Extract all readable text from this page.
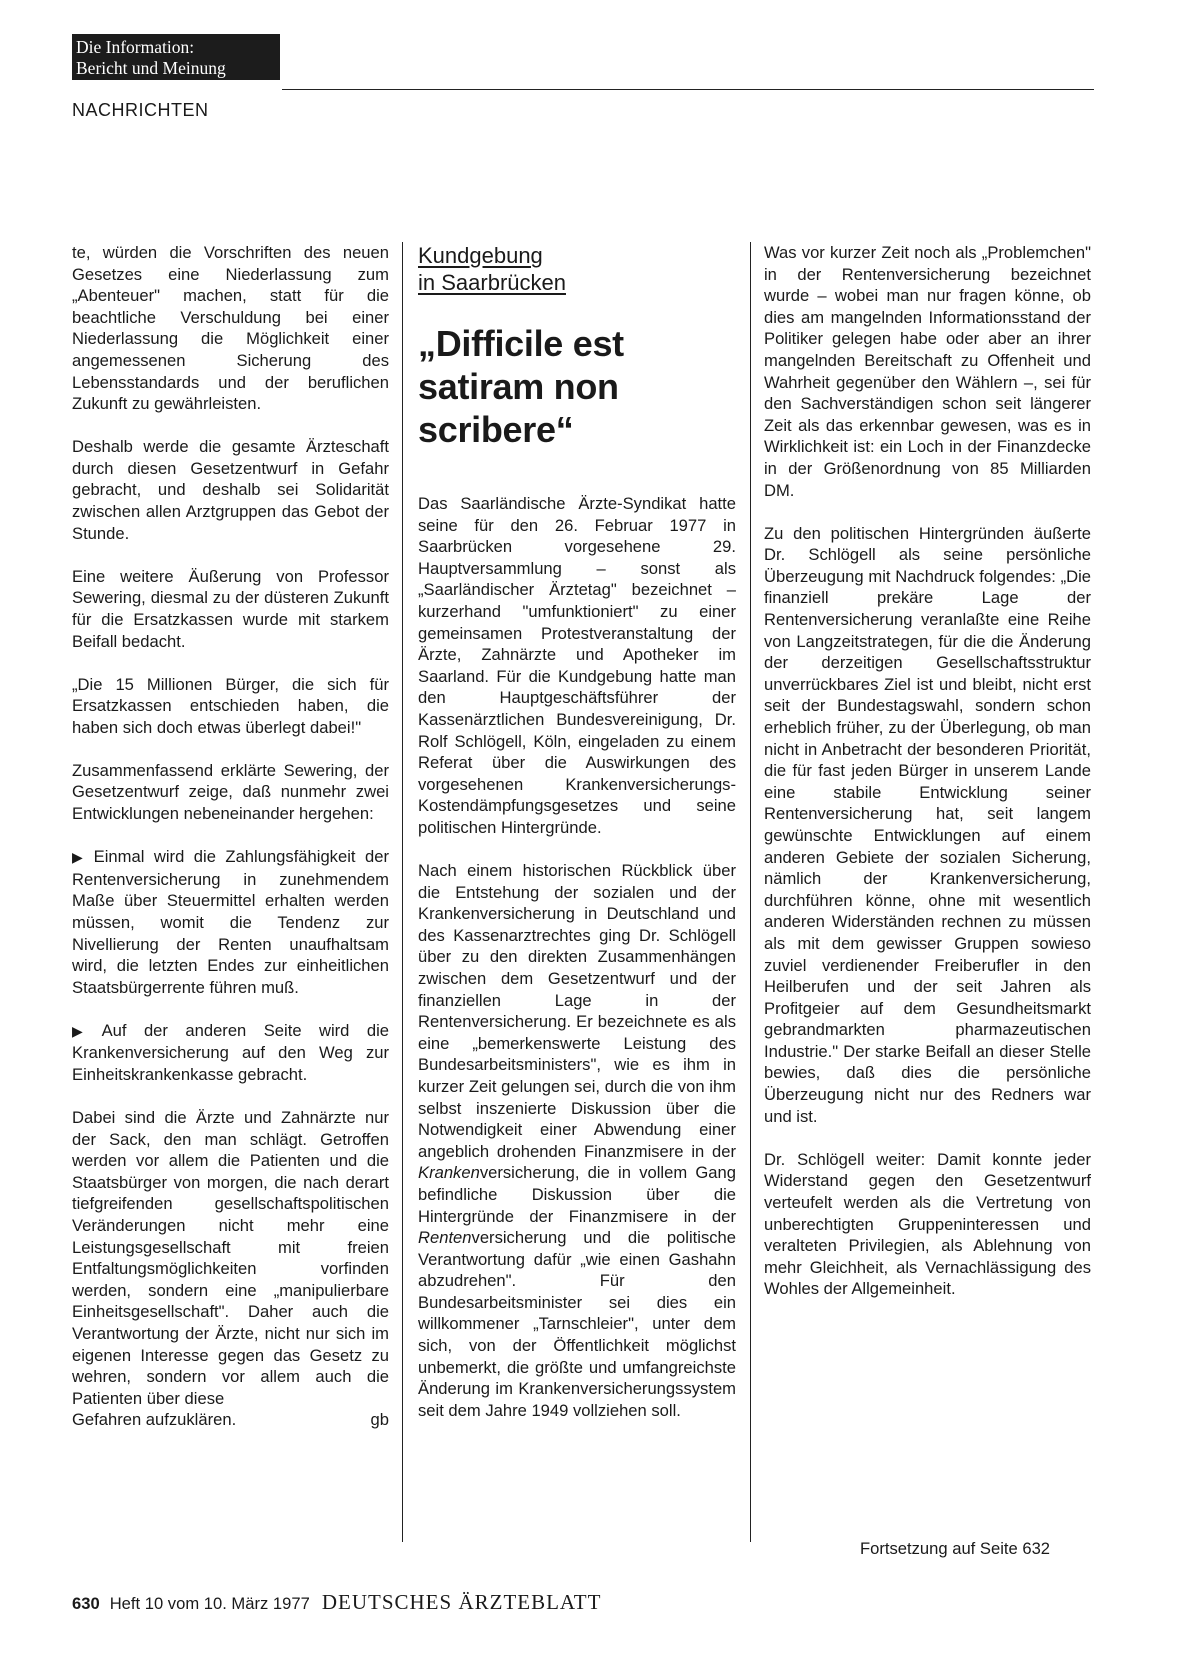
Die Information:
Bericht und Meinung
NACHRICHTEN

te, würden die Vorschriften des neuen Gesetzes eine Niederlassung zum „Abenteuer" machen, statt für die beachtliche Verschuldung bei einer Niederlassung die Möglichkeit einer angemessenen Sicherung des Lebensstandards und der beruflichen Zukunft zu gewährleisten.

Deshalb werde die gesamte Ärzteschaft durch diesen Gesetzentwurf in Gefahr gebracht, und deshalb sei Solidarität zwischen allen Arztgruppen das Gebot der Stunde.

Eine weitere Äußerung von Professor Sewering, diesmal zu der düsteren Zukunft für die Ersatzkassen wurde mit starkem Beifall bedacht.

„Die 15 Millionen Bürger, die sich für Ersatzkassen entschieden haben, die haben sich doch etwas überlegt dabei!"

Zusammenfassend erklärte Sewering, der Gesetzentwurf zeige, daß nunmehr zwei Entwicklungen nebeneinander hergehen:

▶ Einmal wird die Zahlungsfähigkeit der Rentenversicherung in zunehmendem Maße über Steuermittel erhalten werden müssen, womit die Tendenz zur Nivellierung der Renten unaufhaltsam wird, die letzten Endes zur einheitlichen Staatsbürgerrente führen muß.

▶ Auf der anderen Seite wird die Krankenversicherung auf den Weg zur Einheitskrankenkasse gebracht.

Dabei sind die Ärzte und Zahnärzte nur der Sack, den man schlägt. Getroffen werden vor allem die Patienten und die Staatsbürger von morgen, die nach derart tiefgreifenden gesellschaftspolitischen Veränderungen nicht mehr eine Leistungsgesellschaft mit freien Entfaltungsmöglichkeiten vorfinden werden, sondern eine „manipulierbare Einheitsgesellschaft". Daher auch die Verantwortung der Ärzte, nicht nur sich im eigenen Interesse gegen das Gesetz zu wehren, sondern vor allem auch die Patienten über diese

Gefahren aufzuklären.	gb
Kundgebung
in Saarbrücken
„Difficile est
satiram non
scribere“

Das Saarländische Ärzte-Syndikat hatte seine für den 26. Februar 1977 in Saarbrücken vorgesehene 29. Hauptversammlung – sonst als „Saarländischer Ärztetag" bezeichnet – kurzerhand "umfunktioniert" zu einer gemeinsamen Protestveranstaltung der Ärzte, Zahnärzte und Apotheker im Saarland. Für die Kundgebung hatte man den Hauptgeschäftsführer der Kassenärztlichen Bundesvereinigung, Dr. Rolf Schlögell, Köln, eingeladen zu einem Referat über die Auswirkungen des vorgesehenen Krankenversicherungs-Kostendämpfungsgesetzes und seine politischen Hintergründe.

Nach einem historischen Rückblick über die Entstehung der sozialen und der Krankenversicherung in Deutschland und des Kassenarztrechtes ging Dr. Schlögell über zu den direkten Zusammenhängen zwischen dem Gesetzentwurf und der finanziellen Lage in der Rentenversicherung. Er bezeichnete es als eine „bemerkenswerte Leistung des Bundesarbeitsministers", wie es ihm in kurzer Zeit gelungen sei, durch die von ihm selbst inszenierte Diskussion über die Notwendigkeit einer Abwendung einer angeblich drohenden Finanzmisere in der Krankenversicherung, die in vollem Gang befindliche Diskussion über die Hintergründe der Finanzmisere in der Rentenversicherung und die politische Verantwortung dafür „wie einen Gashahn abzudrehen". Für den Bundesarbeitsminister sei dies ein willkommener „Tarnschleier", unter dem sich, von der Öffentlichkeit möglichst unbemerkt, die größte und umfangreichste Änderung im Krankenversicherungssystem seit dem Jahre 1949 vollziehen soll.

Was vor kurzer Zeit noch als „Problemchen" in der Rentenversicherung bezeichnet wurde – wobei man nur fragen könne, ob dies am mangelnden Informationsstand der Politiker gelegen habe oder aber an ihrer mangelnden Bereitschaft zu Offenheit und Wahrheit gegenüber den Wählern –, sei für den Sachverständigen schon seit längerer Zeit als das erkennbar gewesen, was es in Wirklichkeit ist: ein Loch in der Finanzdecke in der Größenordnung von 85 Milliarden DM.

Zu den politischen Hintergründen äußerte Dr. Schlögell als seine persönliche Überzeugung mit Nachdruck folgendes: „Die finanziell prekäre Lage der Rentenversicherung veranlaßte eine Reihe von Langzeitstrategen, für die die Änderung der derzeitigen Gesellschaftsstruktur unverrückbares Ziel ist und bleibt, nicht erst seit der Bundestagswahl, sondern schon erheblich früher, zu der Überlegung, ob man nicht in Anbetracht der besonderen Priorität, die für fast jeden Bürger in unserem Lande eine stabile Entwicklung seiner Rentenversicherung hat, seit langem gewünschte Entwicklungen auf einem anderen Gebiete der sozialen Sicherung, nämlich der Krankenversicherung, durchführen könne, ohne mit wesentlich anderen Widerständen rechnen zu müssen als mit dem gewisser Gruppen sowieso zuviel verdienender Freiberufler in den Heilberufen und der seit Jahren als Profitgeier auf dem Gesundheitsmarkt gebrandmarkten pharmazeutischen Industrie." Der starke Beifall an dieser Stelle bewies, daß dies die persönliche Überzeugung nicht nur des Redners war und ist.

Dr. Schlögell weiter: Damit konnte jeder Widerstand gegen den Gesetzentwurf verteufelt werden als die Vertretung von unberechtigten Gruppeninteressen und veralteten Privilegien, als Ablehnung von mehr Gleichheit, als Vernachlässigung des Wohles der Allgemeinheit.

Fortsetzung auf Seite 632
630 Heft 10 vom 10. März 1977 DEUTSCHES ÄRZTEBLATT
